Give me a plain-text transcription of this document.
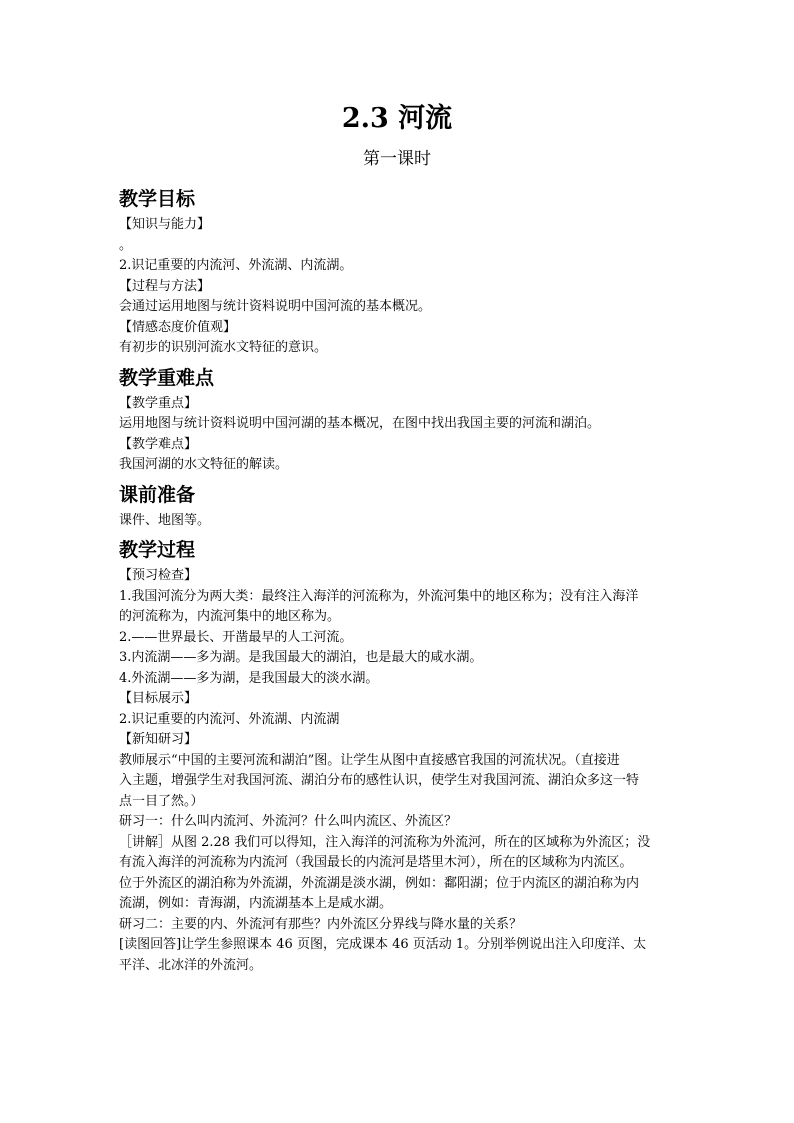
2.3 河流
第一课时
教学目标
【知识与能力】
。
2.识记重要的内流河、外流湖、内流湖。
【过程与方法】
会通过运用地图与统计资料说明中国河流的基本概况。
【情感态度价值观】
有初步的识别河流水文特征的意识。
教学重难点
【教学重点】
运用地图与统计资料说明中国河湖的基本概况，在图中找出我国主要的河流和湖泊。
【教学难点】
我国河湖的水文特征的解读。
课前准备
课件、地图等。
教学过程
【预习检查】
1.我国河流分为两大类：最终注入海洋的河流称为，外流河集中的地区称为；没有注入海洋
的河流称为，内流河集中的地区称为。
2.——世界最长、开凿最早的人工河流。
3.内流湖——多为湖。是我国最大的湖泊，也是最大的咸水湖。
4.外流湖——多为湖，是我国最大的淡水湖。
【目标展示】
2.识记重要的内流河、外流湖、内流湖
【新知研习】
教师展示“中国的主要河流和湖泊”图。让学生从图中直接感官我国的河流状况。（直接进
入主题，增强学生对我国河流、湖泊分布的感性认识，使学生对我国河流、湖泊众多这一特
点一目了然。）
研习一：什么叫内流河、外流河？什么叫内流区、外流区？
［讲解］从图 2.28 我们可以得知，注入海洋的河流称为外流河，所在的区域称为外流区；没
有流入海洋的河流称为内流河（我国最长的内流河是塔里木河），所在的区域称为内流区。
位于外流区的湖泊称为外流湖，外流湖是淡水湖，例如：鄱阳湖；位于内流区的湖泊称为内
流湖，例如：青海湖，内流湖基本上是咸水湖。
研习二：主要的内、外流河有那些？内外流区分界线与降水量的关系？
[读图回答]让学生参照课本 46 页图，完成课本 46 页活动 1。分别举例说出注入印度洋、太
平洋、北冰洋的外流河。
